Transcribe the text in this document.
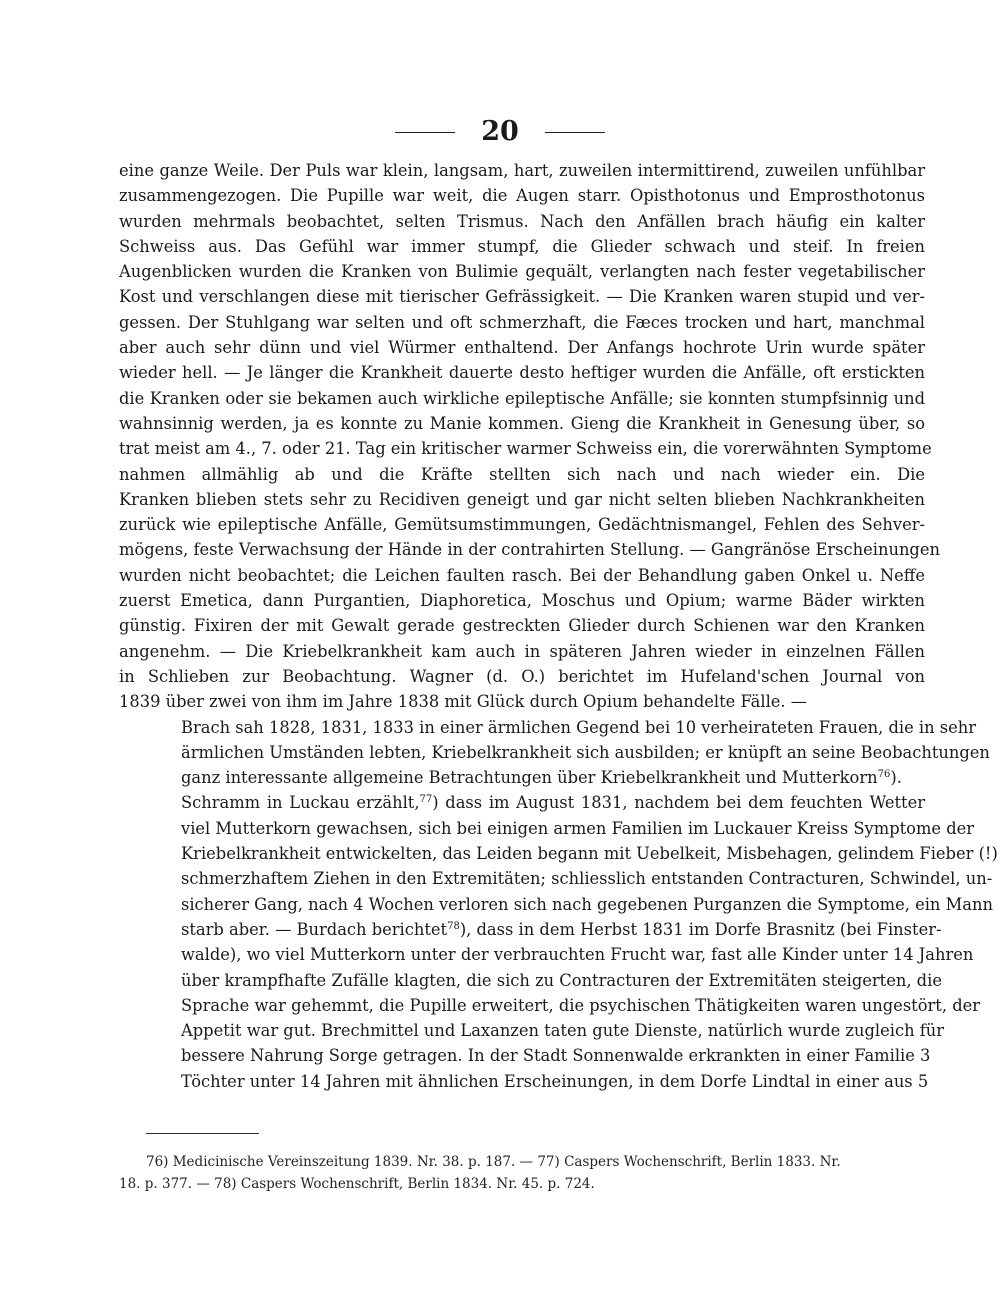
20

eine ganze Weile. Der Puls war klein, langsam, hart, zuweilen intermittirend, zuweilen unfühlbar
zusammengezogen. Die Pupille war weit, die Augen starr. Opisthotonus und Emprosthotonus
wurden mehrmals beobachtet, selten Trismus. Nach den Anfällen brach häufig ein kalter
Schweiss aus. Das Gefühl war immer stumpf, die Glieder schwach und steif. In freien
Augenblicken wurden die Kranken von Bulimie gequält, verlangten nach fester vegetabilischer
Kost und verschlangen diese mit tierischer Gefrässigkeit. — Die Kranken waren stupid und ver-
gessen. Der Stuhlgang war selten und oft schmerzhaft, die Fæces trocken und hart, manchmal
aber auch sehr dünn und viel Würmer enthaltend. Der Anfangs hochrote Urin wurde später
wieder hell. — Je länger die Krankheit dauerte desto heftiger wurden die Anfälle, oft erstickten
die Kranken oder sie bekamen auch wirkliche epileptische Anfälle; sie konnten stumpfsinnig und
wahnsinnig werden, ja es konnte zu Manie kommen. Gieng die Krankheit in Genesung über, so
trat meist am 4., 7. oder 21. Tag ein kritischer warmer Schweiss ein, die vorerwähnten Symptome
nahmen allmählig ab und die Kräfte stellten sich nach und nach wieder ein. Die
Kranken blieben stets sehr zu Recidiven geneigt und gar nicht selten blieben Nachkrankheiten
zurück wie epileptische Anfälle, Gemütsumstimmungen, Gedächtnismangel, Fehlen des Sehver-
mögens, feste Verwachsung der Hände in der contrahirten Stellung. — Gangränöse Erscheinungen
wurden nicht beobachtet; die Leichen faulten rasch. Bei der Behandlung gaben Onkel u. Neffe
zuerst Emetica, dann Purgantien, Diaphoretica, Moschus und Opium; warme Bäder wirkten
günstig. Fixiren der mit Gewalt gerade gestreckten Glieder durch Schienen war den Kranken
angenehm. — Die Kriebelkrankheit kam auch in späteren Jahren wieder in einzelnen Fällen
in Schlieben zur Beobachtung. Wagner (d. O.) berichtet im Hufeland'schen Journal von
1839 über zwei von ihm im Jahre 1838 mit Glück durch Opium behandelte Fälle. —

Brach sah 1828, 1831, 1833 in einer ärmlichen Gegend bei 10 verheirateten Frauen, die in sehr
ärmlichen Umständen lebten, Kriebelkrankheit sich ausbilden; er knüpft an seine Beobachtungen
ganz interessante allgemeine Betrachtungen über Kriebelkrankheit und Mutterkorn$^{76}$).

Schramm in Luckau erzählt,$^{77}$) dass im August 1831, nachdem bei dem feuchten Wetter
viel Mutterkorn gewachsen, sich bei einigen armen Familien im Luckauer Kreiss Symptome der
Kriebelkrankheit entwickelten, das Leiden begann mit Uebelkeit, Misbehagen, gelindem Fieber (!)
schmerzhaftem Ziehen in den Extremitäten; schliesslich entstanden Contracturen, Schwindel, un-
sicherer Gang, nach 4 Wochen verloren sich nach gegebenen Purganzen die Symptome, ein Mann
starb aber. — Burdach berichtet$^{78}$), dass in dem Herbst 1831 im Dorfe Brasnitz (bei Finster-
walde), wo viel Mutterkorn unter der verbrauchten Frucht war, fast alle Kinder unter 14 Jahren
über krampfhafte Zufälle klagten, die sich zu Contracturen der Extremitäten steigerten, die
Sprache war gehemmt, die Pupille erweitert, die psychischen Thätigkeiten waren ungestört, der
Appetit war gut. Brechmittel und Laxanzen taten gute Dienste, natürlich wurde zugleich für
bessere Nahrung Sorge getragen. In der Stadt Sonnenwalde erkrankten in einer Familie 3
Töchter unter 14 Jahren mit ähnlichen Erscheinungen, in dem Dorfe Lindtal in einer aus 5

76) Medicinische Vereinszeitung 1839. Nr. 38. p. 187. — 77) Caspers Wochenschrift, Berlin 1833. Nr.
18. p. 377. — 78) Caspers Wochenschrift, Berlin 1834. Nr. 45. p. 724.
